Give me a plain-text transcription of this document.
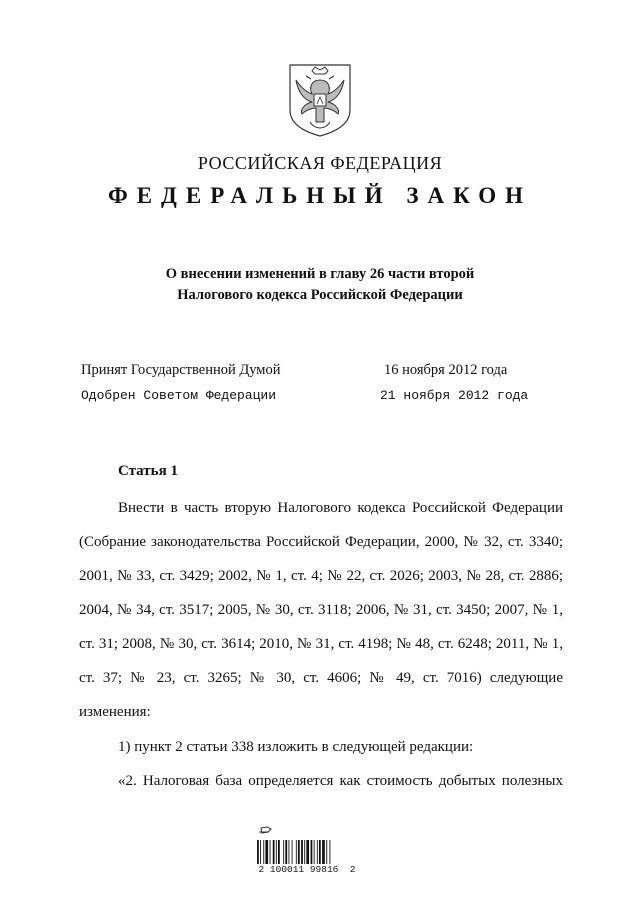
РОССИЙСКАЯ ФЕДЕРАЦИЯ
ФЕДЕРАЛЬНЫЙ ЗАКОН
О внесении изменений в главу 26 части второй
Налогового кодекса Российской Федерации
Принят Государственной Думой	16 ноября 2012 года
Одобрен Советом Федерации	21 ноября 2012 года
Статья 1
Внести в часть вторую Налогового кодекса Российской Федерации
(Собрание законодательства Российской Федерации, 2000, № 32, ст. 3340;
2001, № 33, ст. 3429; 2002, № 1, ст. 4; № 22, ст. 2026; 2003, № 28, ст. 2886;
2004, № 34, ст. 3517; 2005, № 30, ст. 3118; 2006, № 31, ст. 3450; 2007, № 1,
ст. 31; 2008, № 30, ст. 3614; 2010, № 31, ст. 4198; № 48, ст. 6248; 2011, № 1,
ст. 37; № 23, ст. 3265; № 30, ст. 4606; № 49, ст. 7016) следующие
изменения:
1) пункт 2 статьи 338 изложить в следующей редакции:
«2. Налоговая база определяется как стоимость добытых полезных
2 100011 99816  2
